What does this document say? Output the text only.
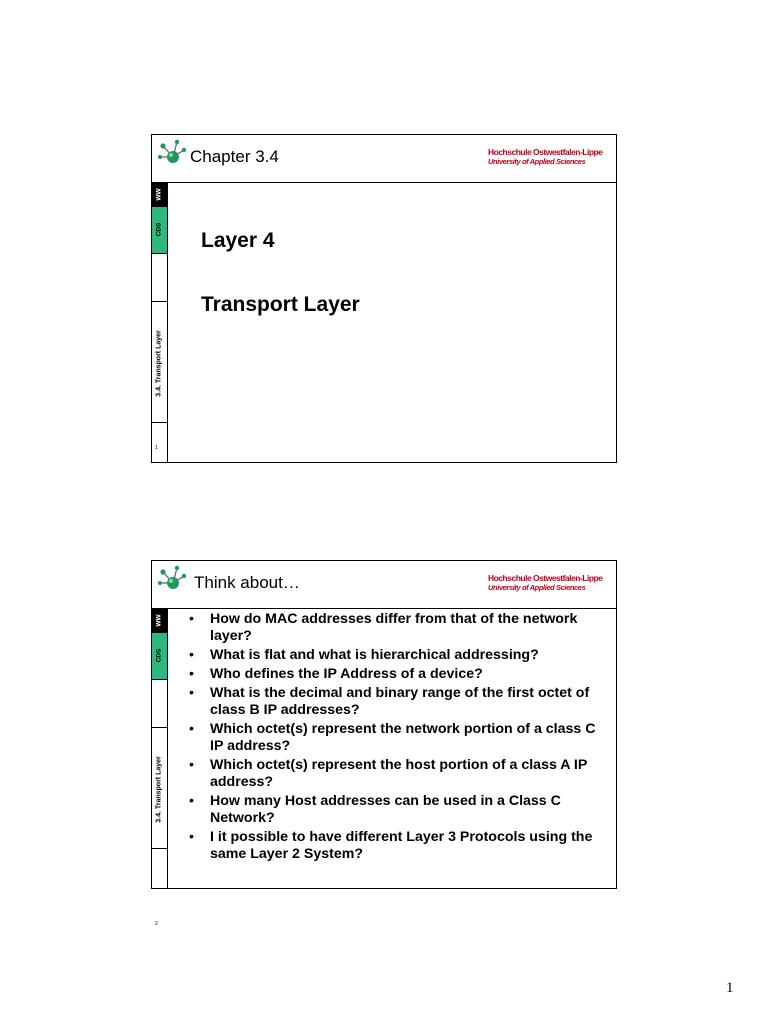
Chapter 3.4	Hochschule Ostwestfalen-Lippe
University of Applied Sciences
WW
CDS
3.4. Transport Layer
1
Layer 4
Transport Layer
Think about…	Hochschule Ostwestfalen-Lippe
University of Applied Sciences
WW
CDS
3.4. Transport Layer
2
• How do MAC addresses differ from that of the network layer?
• What is flat and what is hierarchical addressing?
• Who defines the IP Address of a device?
• What is the decimal and binary range of the first octet of class B IP addresses?
• Which octet(s) represent the network portion of a class C IP address?
• Which octet(s) represent the host portion of a class A IP address?
• How many Host addresses can be used in a Class C Network?
• I it possible to have different Layer 3 Protocols using the same Layer 2 System?
1
